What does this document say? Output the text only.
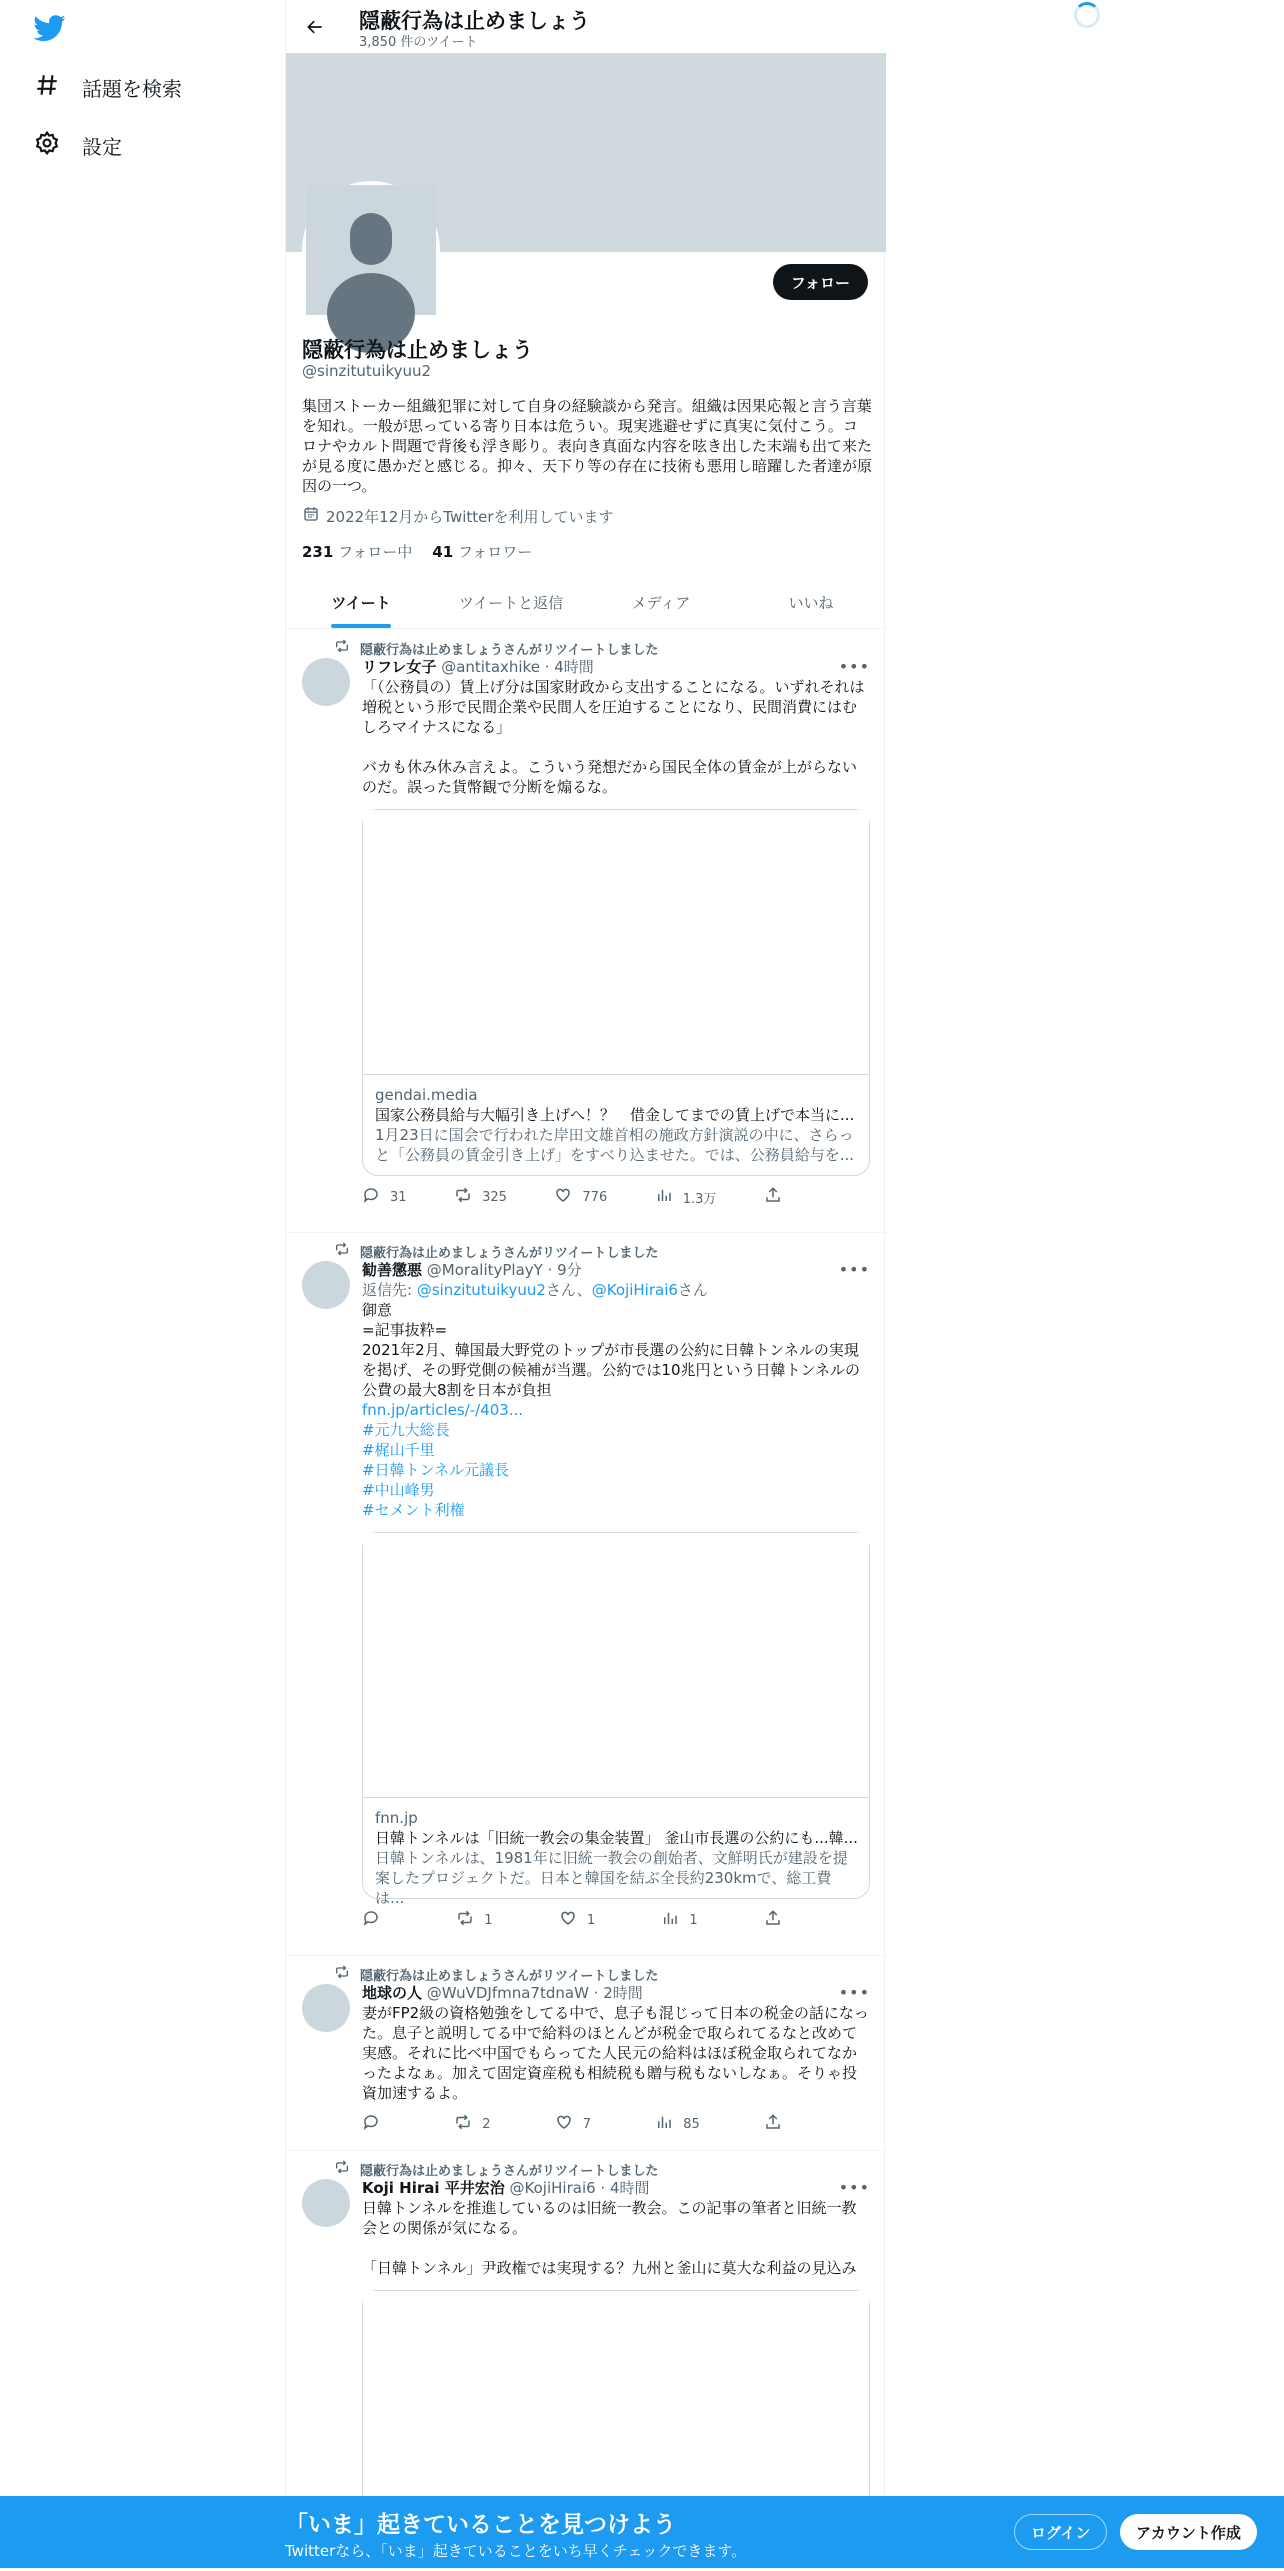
話題を検索
設定
隠蔽行為は止めましょう
3,850 件のツイート
フォロー
隠蔽行為は止めましょう
@sinzitutuikyuu2
集団ストーカー組織犯罪に対して自身の経験談から発言。組織は因果応報と言う言葉を知れ。一般が思っている寄り日本は危うい。現実逃避せずに真実に気付こう。コロナやカルト問題で背後も浮き彫り。表向き真面な内容を呟き出した末端も出て来たが見る度に愚かだと感じる。抑々、天下り等の存在に技術も悪用し暗躍した者達が原因の一つ。
2022年12月からTwitterを利用しています
231 フォロー中 41 フォロワー
ツイート	ツイートと返信	メディア	いいね
隠蔽行為は止めましょうさんがリツイートしました
•••
リフレ女子 @antitaxhike · 4時間
「（公務員の）賃上げ分は国家財政から支出することになる。いずれそれは増税という形で民間企業や民間人を圧迫することになり、民間消費にはむしろマイナスになる」

バカも休み休み言えよ。こういう発想だから国民全体の賃金が上がらないのだ。誤った貨幣観で分断を煽るな。
gendai.media
国家公務員給与大幅引き上げへ！？　借金してまでの賃上げで本当に...
1月23日に国会で行われた岸田文雄首相の施政方針演説の中に、さらっと「公務員の賃金引き上げ」をすべり込ませた。では、公務員給与を...
31	325	776	1.3万
隠蔽行為は止めましょうさんがリツイートしました
•••
勧善懲悪 @MoralityPlayY · 9分
返信先: @sinzitutuikyuu2さん、@KojiHirai6さん
御意
=記事抜粋=
2021年2月、韓国最大野党のトップが市長選の公約に日韓トンネルの実現を掲げ、その野党側の候補が当選。公約では10兆円という日韓トンネルの公費の最大8割を日本が負担
fnn.jp/articles/-/403...
#元九大総長
#梶山千里
#日韓トンネル元議長
#中山峰男
#セメント利権
fnn.jp
日韓トンネルは「旧統一教会の集金装置」 釜山市長選の公約にも...韓...
日韓トンネルは、1981年に旧統一教会の創始者、文鮮明氏が建設を提案したプロジェクトだ。日本と韓国を結ぶ全長約230kmで、総工費は...
1	1	1
隠蔽行為は止めましょうさんがリツイートしました
•••
地球の人 @WuVDJfmna7tdnaW · 2時間
妻がFP2級の資格勉強をしてる中で、息子も混じって日本の税金の話になった。息子と説明してる中で給料のほとんどが税金で取られてるなと改めて実感。それに比べ中国でもらってた人民元の給料はほぼ税金取られてなかったよなぁ。加えて固定資産税も相続税も贈与税もないしなぁ。そりゃ投資加速するよ。
2	7	85
隠蔽行為は止めましょうさんがリツイートしました
•••
Koji Hirai 平井宏治 @KojiHirai6 · 4時間
日韓トンネルを推進しているのは旧統一教会。この記事の筆者と旧統一教会との関係が気になる。

「日韓トンネル」尹政権では実現する？九州と釜山に莫大な利益の見込み
「いま」起きていることを見つけよう
Twitterなら、「いま」起きていることをいち早くチェックできます。
ログイン	アカウント作成
